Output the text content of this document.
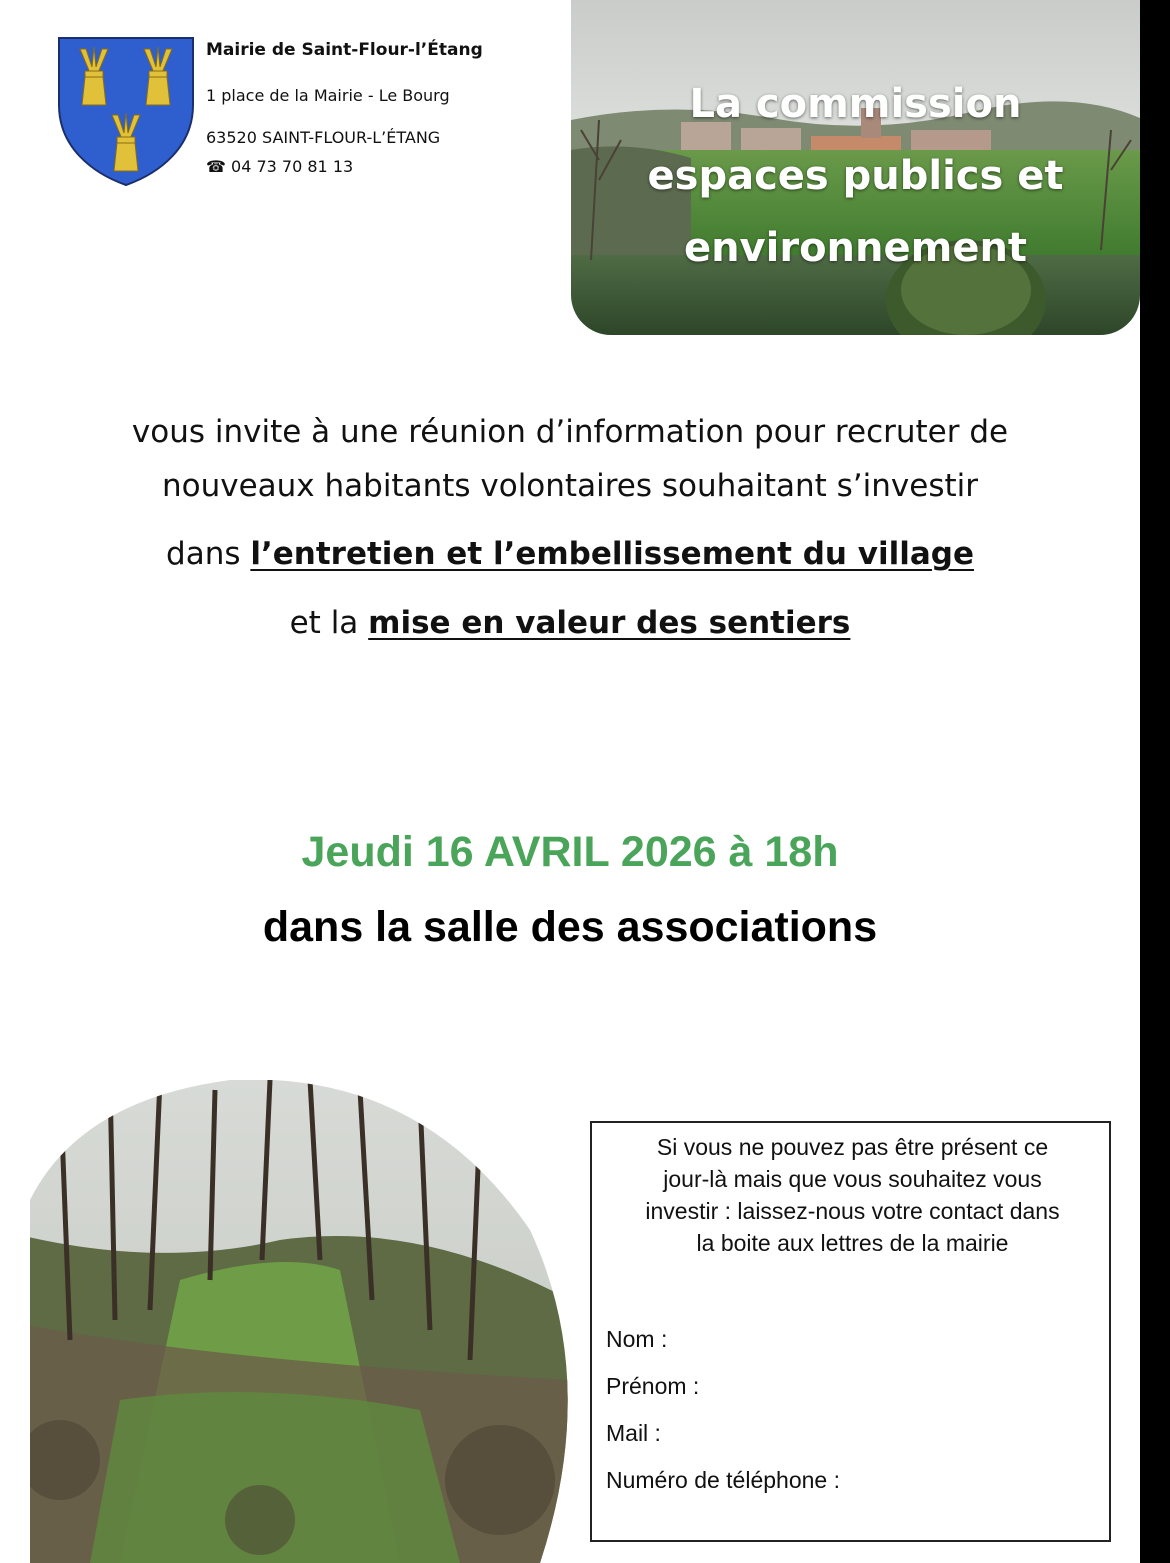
Mairie de Saint-Flour-l’Étang
1 place de la Mairie - Le Bourg
63520 SAINT-FLOUR-L’ÉTANG
☎ 04 73 70 81 13
La commission
espaces publics et
environnement
vous invite à une réunion d’information pour recruter de
nouveaux habitants volontaires souhaitant s’investir
dans l’entretien et l’embellissement du village
et la mise en valeur des sentiers
Jeudi 16 AVRIL 2026 à 18h
dans la salle des associations
Si vous ne pouvez pas être présent ce
jour-là mais que vous souhaitez vous
investir : laissez-nous votre contact dans
la boite aux lettres de la mairie
Nom :
Prénom :
Mail :
Numéro de téléphone :
